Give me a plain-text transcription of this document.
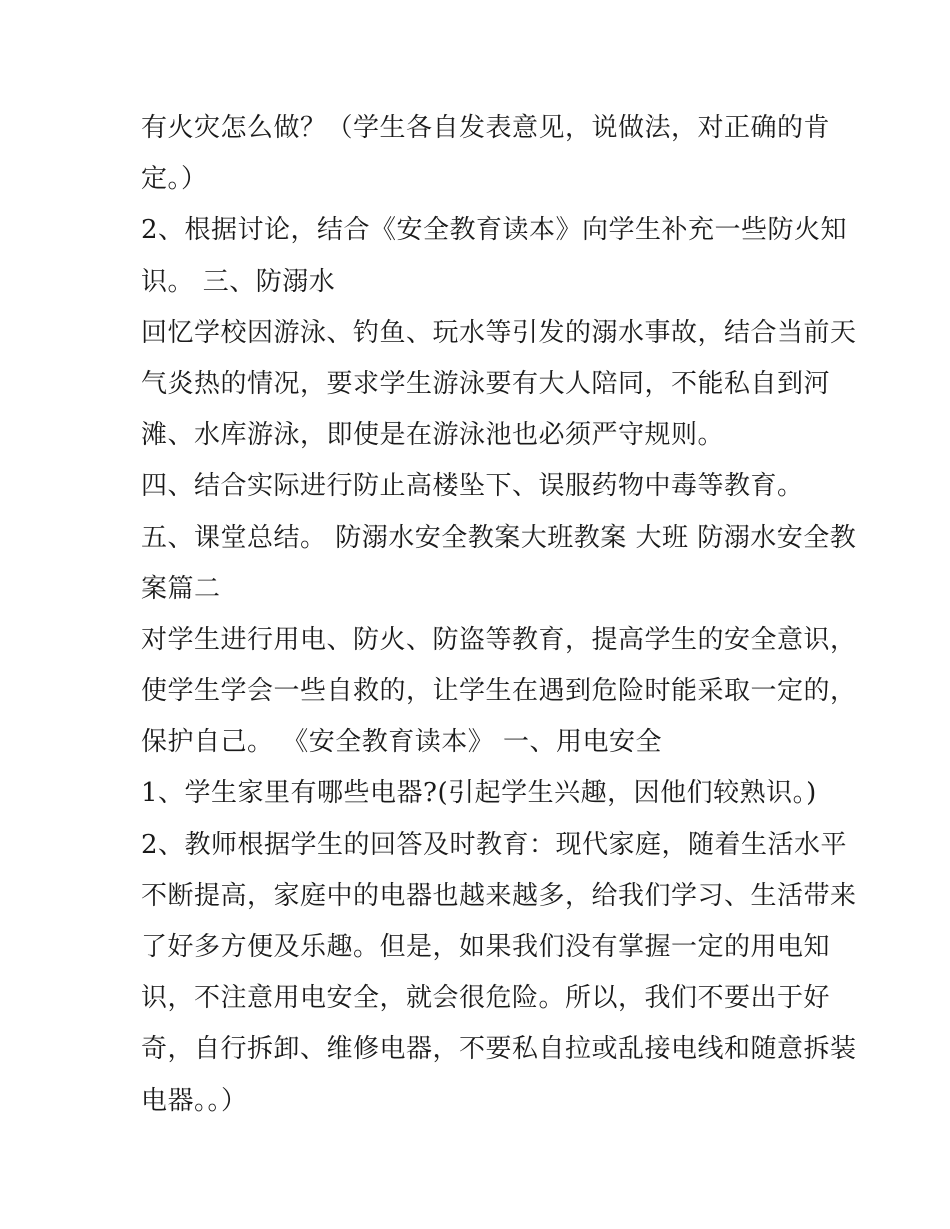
有火灾怎么做？（学生各自发表意见，说做法，对正确的肯
定。）
2、根据讨论，结合《安全教育读本》向学生补充一些防火知
识。 三、防溺水
回忆学校因游泳、钓鱼、玩水等引发的溺水事故，结合当前天
气炎热的情况，要求学生游泳要有大人陪同，不能私自到河
滩、水库游泳，即使是在游泳池也必须严守规则。
四、结合实际进行防止高楼坠下、误服药物中毒等教育。
五、课堂总结。 防溺水安全教案大班教案 大班 防溺水安全教
案篇二
对学生进行用电、防火、防盗等教育，提高学生的安全意识，
使学生学会一些自救的，让学生在遇到危险时能采取一定的，
保护自己。 《安全教育读本》 一、用电安全
1、学生家里有哪些电器?(引起学生兴趣，因他们较熟识。)
2、教师根据学生的回答及时教育：现代家庭，随着生活水平
不断提高，家庭中的电器也越来越多，给我们学习、生活带来
了好多方便及乐趣。但是，如果我们没有掌握一定的用电知
识，不注意用电安全，就会很危险。所以，我们不要出于好
奇，自行拆卸、维修电器，不要私自拉或乱接电线和随意拆装
电器。。）
